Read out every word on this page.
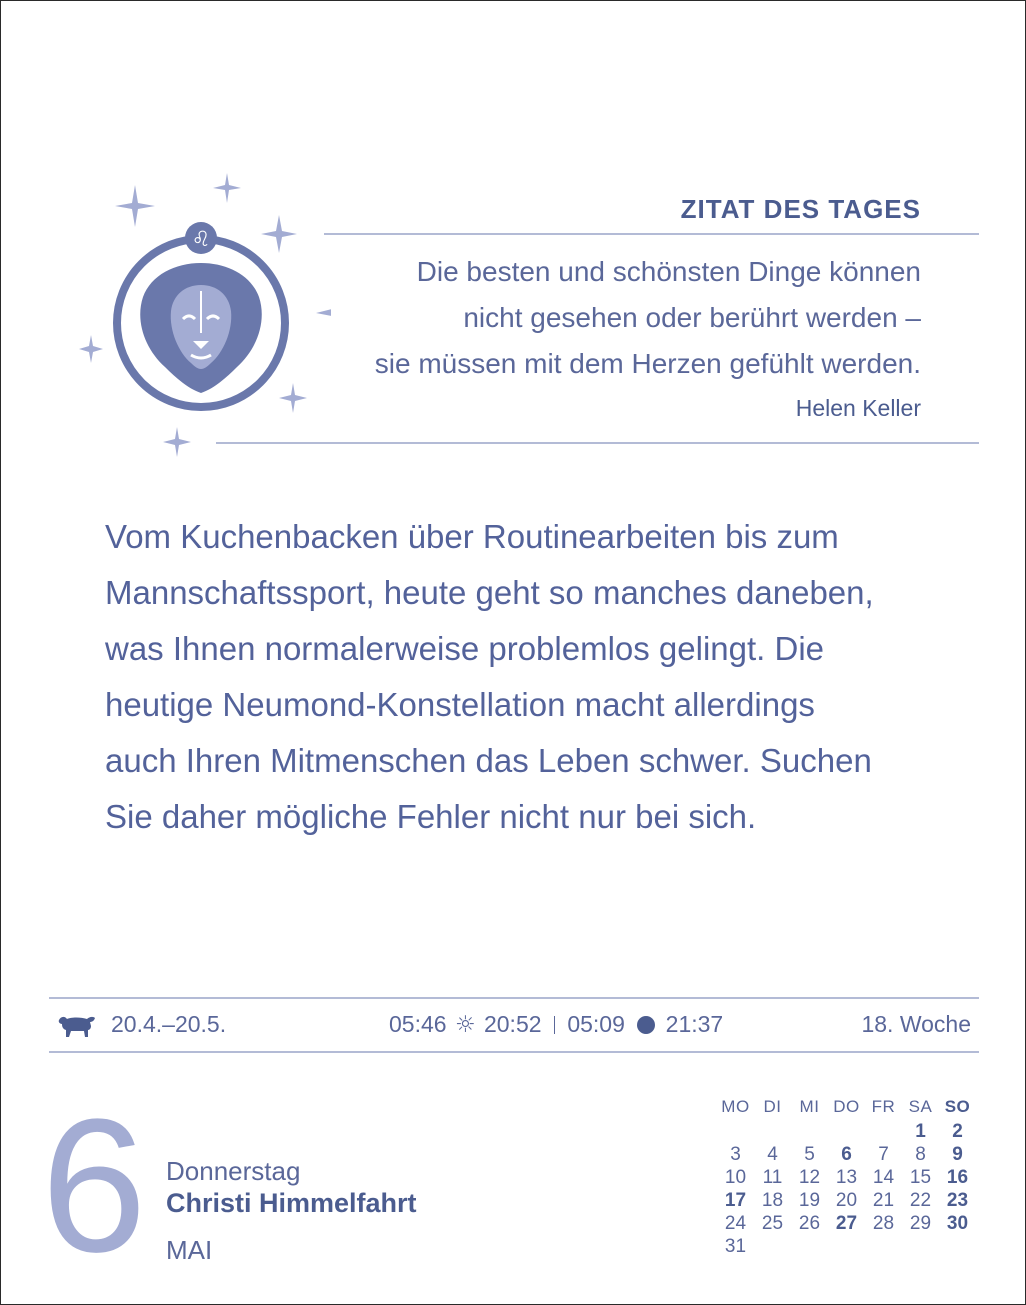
♌
ZITAT DES TAGES
Die besten und schönsten Dinge können
nicht gesehen oder berührt werden –
sie müssen mit dem Herzen gefühlt werden.
Helen Keller
Vom Kuchenbacken über Routinearbeiten bis zum
Mannschaftssport, heute geht so manches daneben,
was Ihnen normalerweise problemlos gelingt. Die
heutige Neumond-Konstellation macht allerdings
auch Ihren Mitmenschen das Leben schwer. Suchen
Sie daher mögliche Fehler nicht nur bei sich.
20.4.–20.5.	05:46 ☼ 20:52 05:09 21:37	18. Woche
6 Donnerstag
Christi Himmelfahrt
MAI
MO	DI	MI	DO	FR	SA	SO
					1	2
3	4	5	6	7	8	9
10	11	12	13	14	15	16
17	18	19	20	21	22	23
24	25	26	27	28	29	30
31						
